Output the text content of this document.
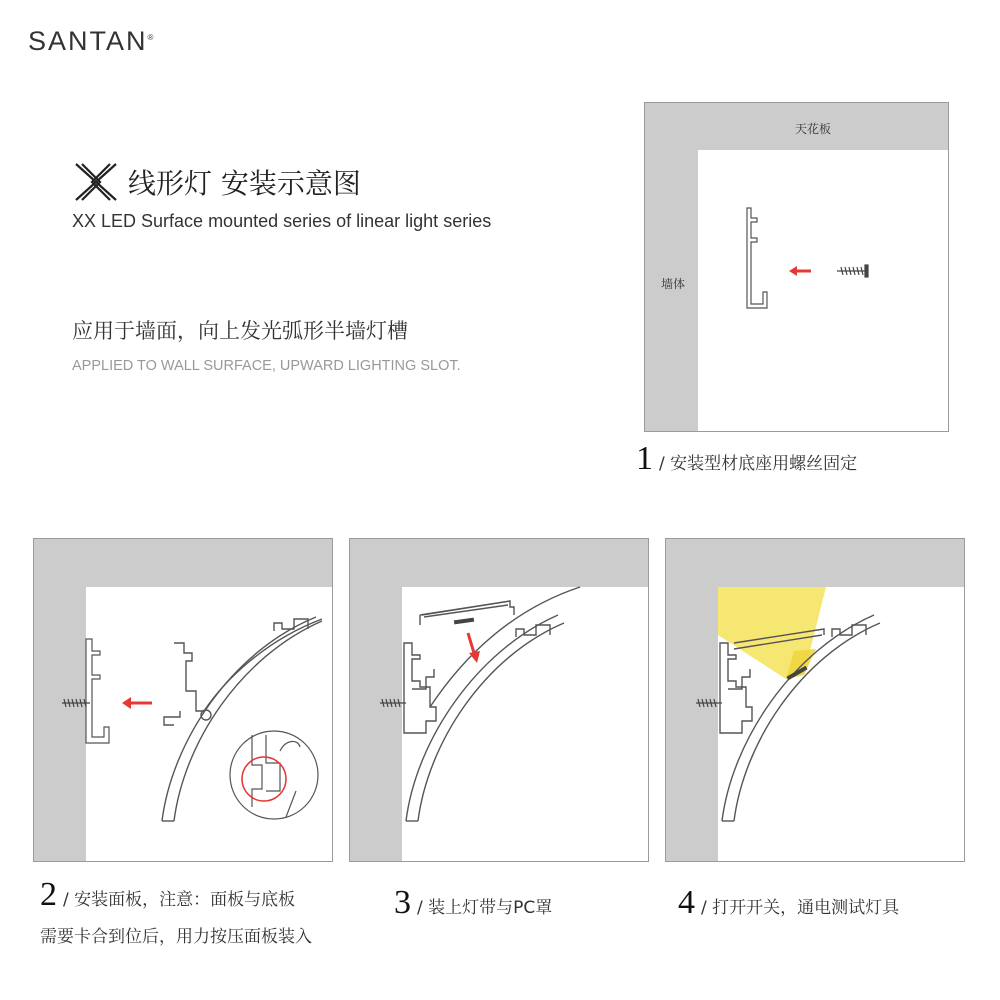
SANTAN®
线形灯 安装示意图
XX LED Surface mounted series of linear light series
应用于墙面，向上发光弧形半墙灯槽
APPLIED TO WALL SURFACE, UPWARD LIGHTING SLOT.
天花板
墙体
1 /
安装型材底座用螺丝固定
2 /
安装面板，注意：面板与底板
需要卡合到位后，用力按压面板装入
3 /
装上灯带与PC罩	4 /
打开开关，通电测试灯具
